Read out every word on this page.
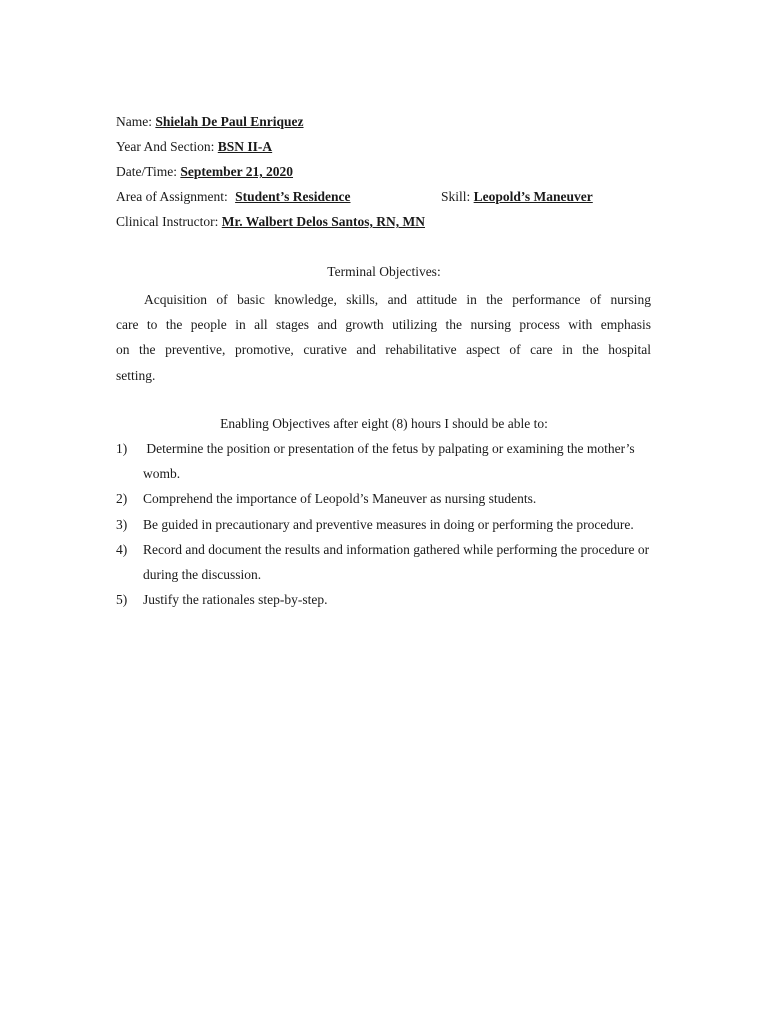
Name: Shielah De Paul Enriquez
Year And Section: BSN II-A
Date/Time: September 21, 2020
Area of Assignment: Student’s Residence	Skill: Leopold’s Maneuver
Clinical Instructor: Mr. Walbert Delos Santos, RN, MN
Terminal Objectives:
Acquisition of basic knowledge, skills, and attitude in the performance of nursing
care to the people in all stages and growth utilizing the nursing process with emphasis
on the preventive, promotive, curative and rehabilitative aspect of care in the hospital
setting.
Enabling Objectives after eight (8) hours I should be able to:
1) Determine the position or presentation of the fetus by palpating or examining the mother’s womb.
2) Comprehend the importance of Leopold’s Maneuver as nursing students.
3) Be guided in precautionary and preventive measures in doing or performing the procedure.
4) Record and document the results and information gathered while performing the procedure or during the discussion.
5) Justify the rationales step-by-step.
